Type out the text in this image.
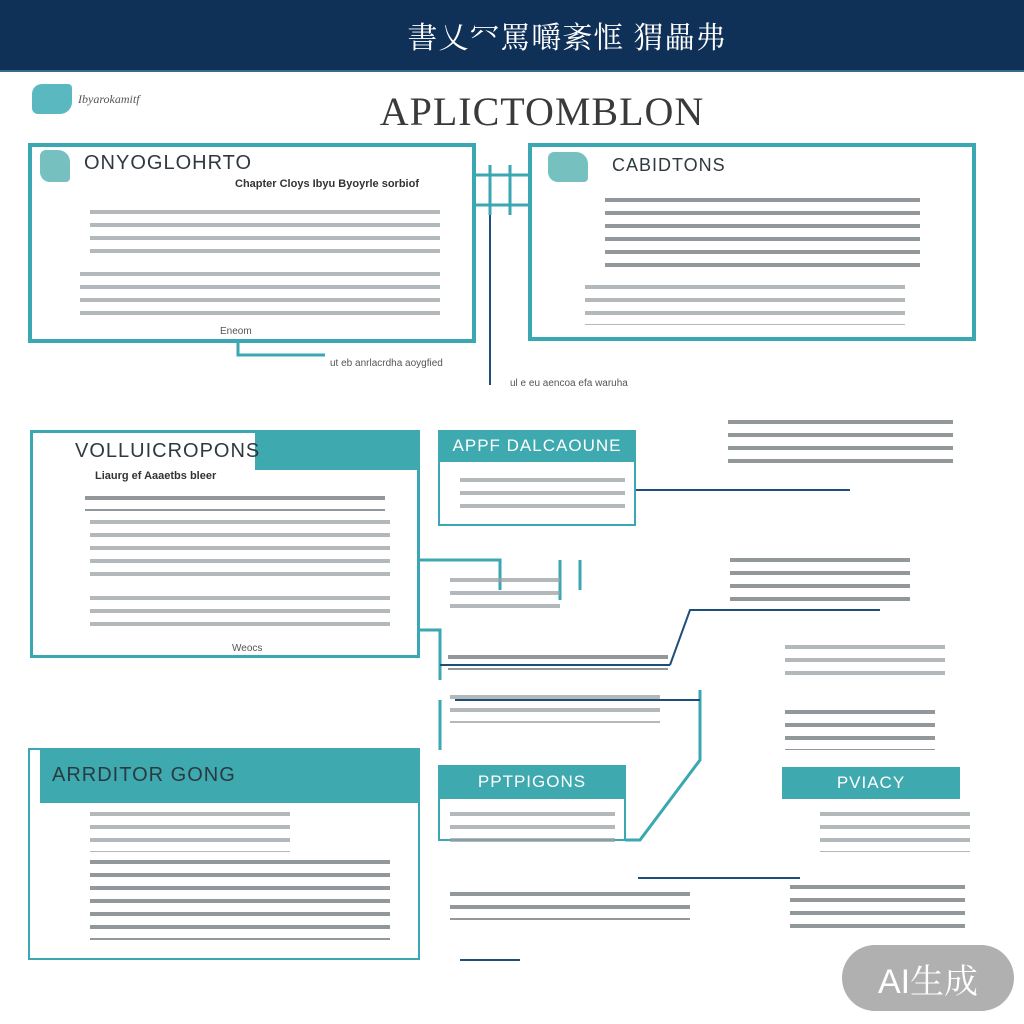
書乂㓁罵嚼紊恇 猬畾弗
Ibyarokamitf	APLICTOMBLON
ONYOGLOHRTO
Chapter Cloys Ibyu Byoyrle sorbiof
Eneom
ut eb anrlacrdha aoygfied
CABIDTONS
ul e eu aencoa efa waruha
VOLLUICROPONS
Liaurg ef Aaaetbs bleer
Weocs
APPF DALCAOUNE
ARRDITOR GONG	PPTPIGONS	PVIACY
AI生成
